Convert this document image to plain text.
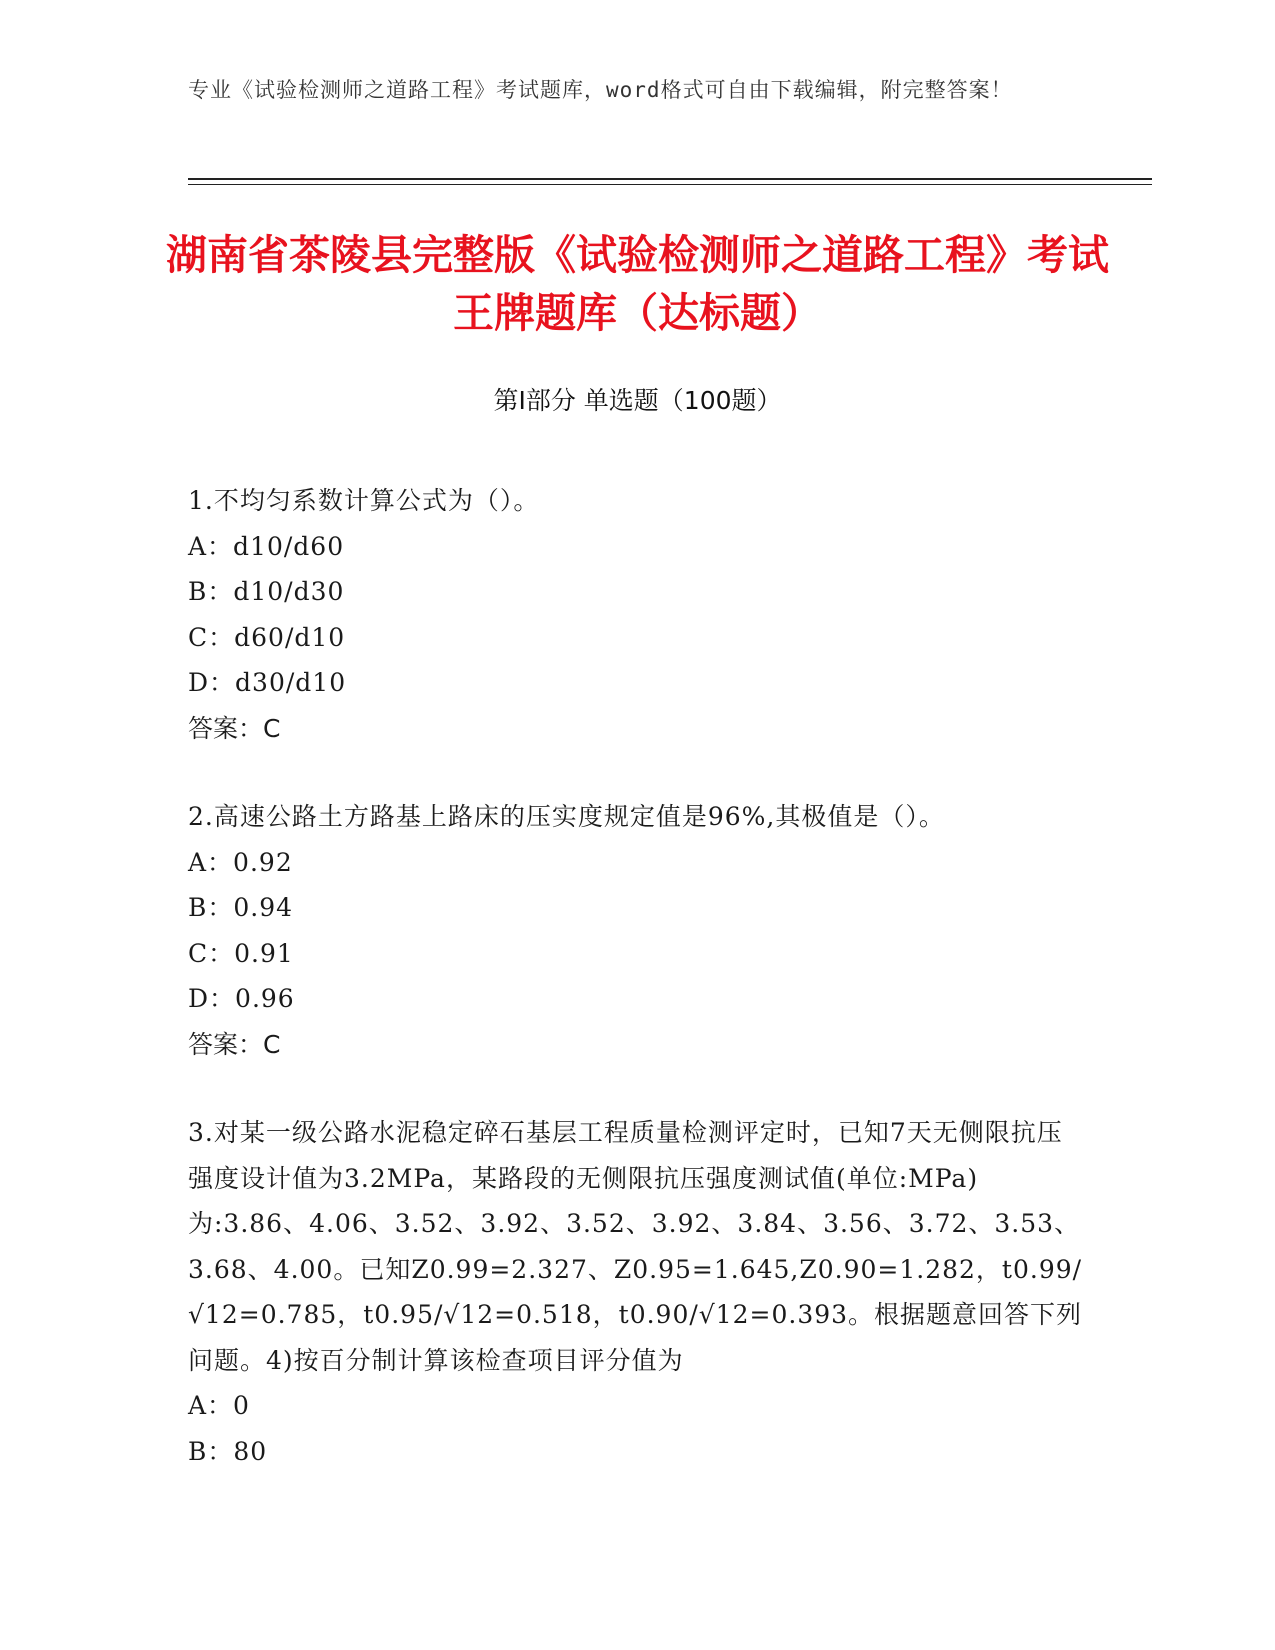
专业《试验检测师之道路工程》考试题库，word格式可自由下载编辑，附完整答案！
湖南省茶陵县完整版《试验检测师之道路工程》考试王牌题库（达标题）
第Ⅰ部分 单选题（100题）
1.不均匀系数计算公式为（）。
A：d10/d60
B：d10/d30
C：d60/d10
D：d30/d10
答案：C
2.高速公路土方路基上路床的压实度规定值是96%,其极值是（）。
A：0.92
B：0.94
C：0.91
D：0.96
答案：C
3.对某一级公路水泥稳定碎石基层工程质量检测评定时，已知7天无侧限抗压强度设计值为3.2MPa，某路段的无侧限抗压强度测试值(单位:MPa)为:3.86、4.06、3.52、3.92、3.52、3.92、3.84、3.56、3.72、3.53、3.68、4.00。已知Z0.99=2.327、Z0.95=1.645,Z0.90=1.282，t0.99/√12=0.785，t0.95/√12=0.518，t0.90/√12=0.393。根据题意回答下列问题。4)按百分制计算该检查项目评分值为
A：0
B：80
